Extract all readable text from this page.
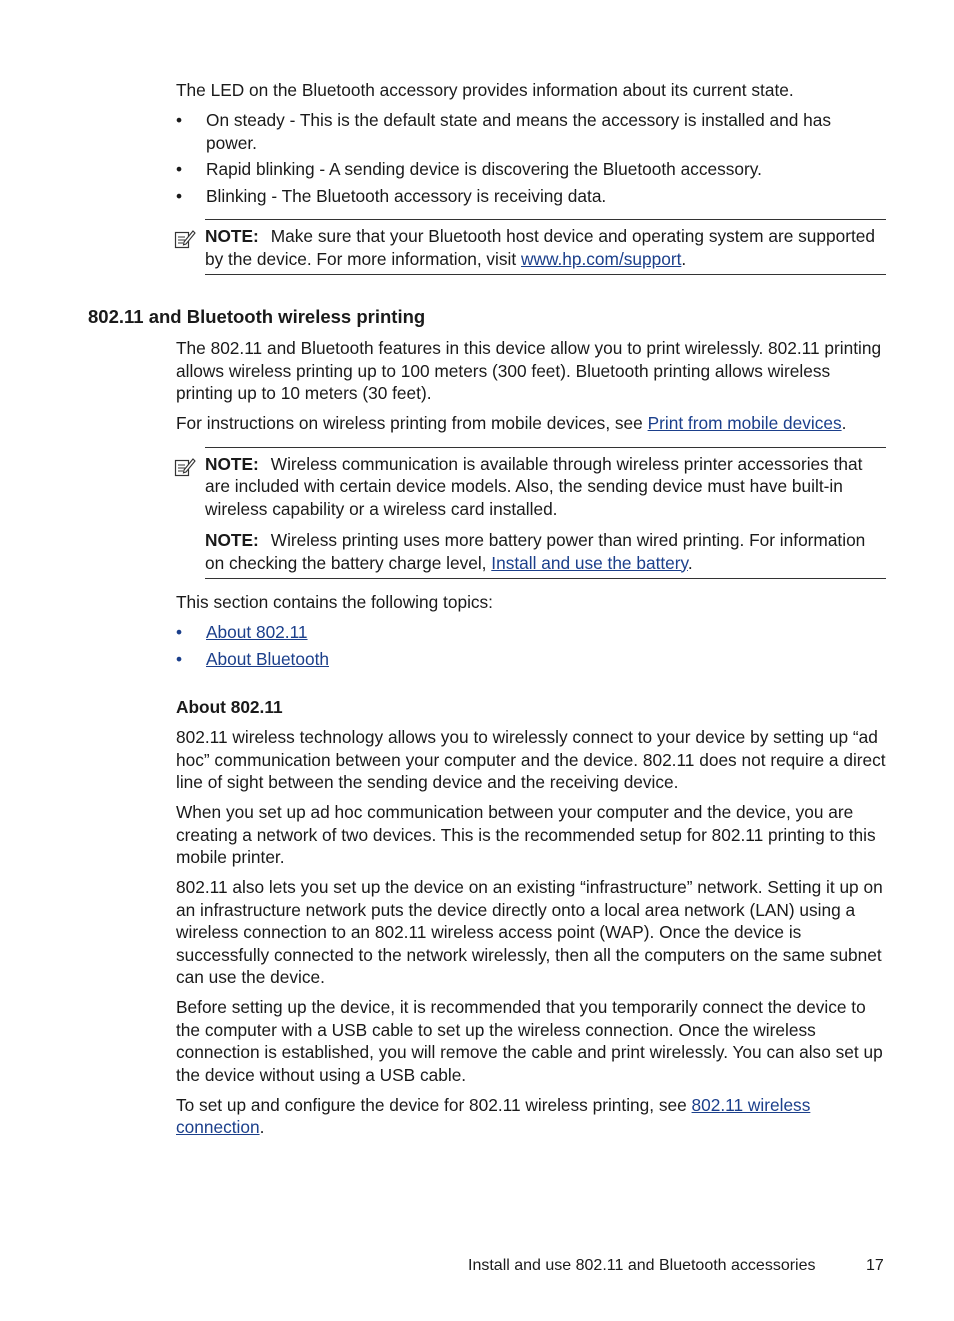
The LED on the Bluetooth accessory provides information about its current state.

• On steady - This is the default state and means the accessory is installed and has power.
• Rapid blinking - A sending device is discovering the Bluetooth accessory.
• Blinking - The Bluetooth accessory is receiving data.

NOTE: Make sure that your Bluetooth host device and operating system are supported by the device. For more information, visit www.hp.com/support.

802.11 and Bluetooth wireless printing

The 802.11 and Bluetooth features in this device allow you to print wirelessly. 802.11 printing allows wireless printing up to 100 meters (300 feet). Bluetooth printing allows wireless printing up to 10 meters (30 feet).

For instructions on wireless printing from mobile devices, see Print from mobile devices.

NOTE: Wireless communication is available through wireless printer accessories that are included with certain device models. Also, the sending device must have built-in wireless capability or a wireless card installed.

NOTE: Wireless printing uses more battery power than wired printing. For information on checking the battery charge level, Install and use the battery.

This section contains the following topics:

• About 802.11
• About Bluetooth
About 802.11

802.11 wireless technology allows you to wirelessly connect to your device by setting up “ad hoc” communication between your computer and the device. 802.11 does not require a direct line of sight between the sending device and the receiving device.

When you set up ad hoc communication between your computer and the device, you are creating a network of two devices. This is the recommended setup for 802.11 printing to this mobile printer.

802.11 also lets you set up the device on an existing “infrastructure” network. Setting it up on an infrastructure network puts the device directly onto a local area network (LAN) using a wireless connection to an 802.11 wireless access point (WAP). Once the device is successfully connected to the network wirelessly, then all the computers on the same subnet can use the device.

Before setting up the device, it is recommended that you temporarily connect the device to the computer with a USB cable to set up the wireless connection. Once the wireless connection is established, you will remove the cable and print wirelessly. You can also set up the device without using a USB cable.

To set up and configure the device for 802.11 wireless printing, see 802.11 wireless connection.

Install and use 802.11 and Bluetooth accessories	17
